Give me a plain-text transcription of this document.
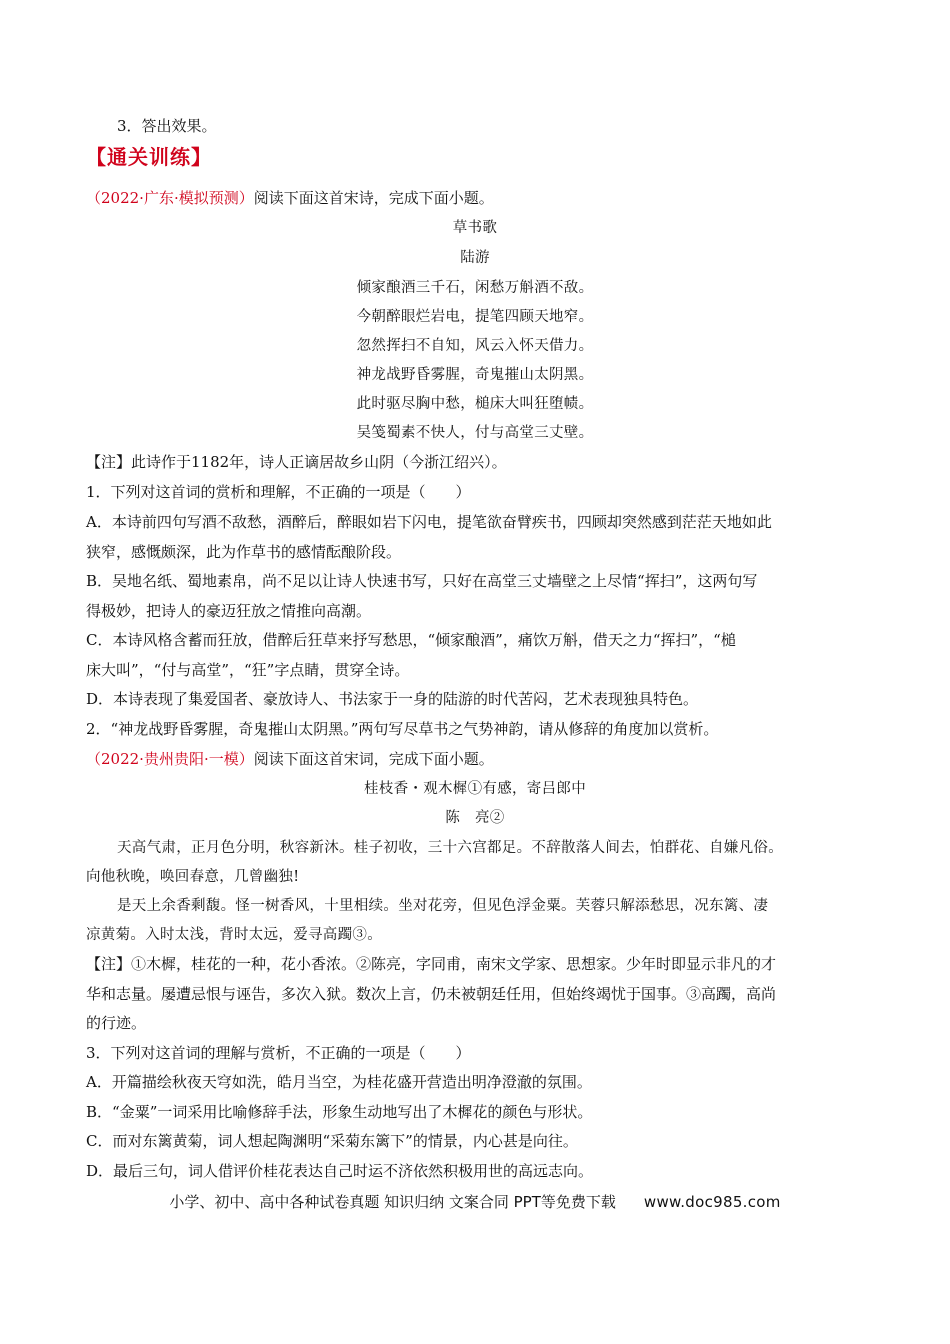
3．答出效果。
【通关训练】
（2022·广东·模拟预测）阅读下面这首宋诗，完成下面小题。
草书歌
陆游
倾家酿酒三千石，闲愁万斛酒不敌。
今朝醉眼烂岩电，提笔四顾天地窄。
忽然挥扫不自知，风云入怀天借力。
神龙战野昏雾腥，奇鬼摧山太阴黑。
此时驱尽胸中愁，槌床大叫狂堕帻。
吴笺蜀素不快人，付与高堂三丈壁。
【注】此诗作于1182年，诗人正谪居故乡山阴（今浙江绍兴）。
1．下列对这首词的赏析和理解，不正确的一项是（　　）
A．本诗前四句写酒不敌愁，酒醉后，醉眼如岩下闪电，提笔欲奋臂疾书，四顾却突然感到茫茫天地如此
狭窄，感慨颇深，此为作草书的感情酝酿阶段。
B．吴地名纸、蜀地素帛，尚不足以让诗人快速书写，只好在高堂三丈墙壁之上尽情“挥扫”，这两句写
得极妙，把诗人的豪迈狂放之情推向高潮。
C．本诗风格含蓄而狂放，借醉后狂草来抒写愁思，“倾家酿酒”，痛饮万斛，借天之力“挥扫”，“槌
床大叫”，“付与高堂”，“狂”字点睛，贯穿全诗。
D．本诗表现了集爱国者、豪放诗人、书法家于一身的陆游的时代苦闷，艺术表现独具特色。
2．“神龙战野昏雾腥，奇鬼摧山太阴黑。”两句写尽草书之气势神韵，请从修辞的角度加以赏析。
（2022·贵州贵阳·一模）阅读下面这首宋词，完成下面小题。
桂枝香・观木樨①有感，寄吕郎中
陈　亮②
天高气肃，正月色分明，秋容新沐。桂子初收，三十六宫都足。不辞散落人间去，怕群花、自嫌凡俗。
向他秋晚，唤回春意，几曾幽独!
是天上余香剩馥。怪一树香风，十里相续。坐对花旁，但见色浮金粟。芙蓉只解添愁思，况东篱、凄
凉黄菊。入时太浅，背时太远，爱寻高躅③。
【注】①木樨，桂花的一种，花小香浓。②陈亮，字同甫，南宋文学家、思想家。少年时即显示非凡的才
华和志量。屡遭忌恨与诬告，多次入狱。数次上言，仍未被朝廷任用，但始终竭忧于国事。③高躅，高尚
的行迹。
3．下列对这首词的理解与赏析，不正确的一项是（　　）
A．开篇描绘秋夜天穹如洗，皓月当空，为桂花盛开营造出明净澄澈的氛围。
B．“金粟”一词采用比喻修辞手法，形象生动地写出了木樨花的颜色与形状。
C．而对东篱黄菊，词人想起陶渊明“采菊东篱下”的情景，内心甚是向往。
D．最后三句，词人借评价桂花表达自己时运不济依然积极用世的高远志向。
小学、初中、高中各种试卷真题 知识归纳 文案合同 PPT等免费下载 www.doc985.com
